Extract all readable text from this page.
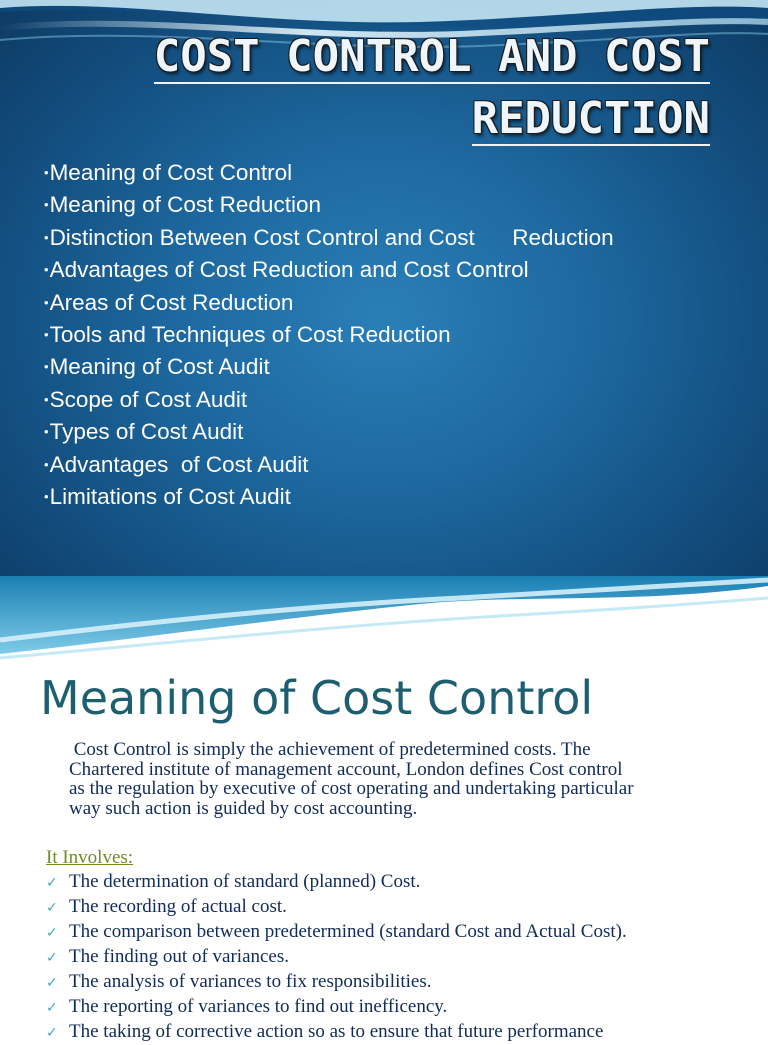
COST CONTROL AND COST
REDUCTION
• Meaning of Cost Control
• Meaning of Cost Reduction
• Distinction Between Cost Control and Cost      Reduction
• Advantages of Cost Reduction and Cost Control
• Areas of Cost Reduction
• Tools and Techniques of Cost Reduction
• Meaning of Cost Audit
• Scope of Cost Audit
• Types of Cost Audit
• Advantages  of Cost Audit
• Limitations of Cost Audit
Meaning of Cost Control

Cost Control is simply the achievement of predetermined costs. The
Chartered institute of management account, London defines Cost control
as the regulation by executive of cost operating and undertaking particular
way such action is guided by cost accounting.

It Involves:

✓ The determination of standard (planned) Cost.
✓ The recording of actual cost.
✓ The comparison between predetermined (standard Cost and Actual Cost).
✓ The finding out of variances.
✓ The analysis of variances to fix responsibilities.
✓ The reporting of variances to find out inefficency.
✓ The taking of corrective action so as to ensure that future performance
